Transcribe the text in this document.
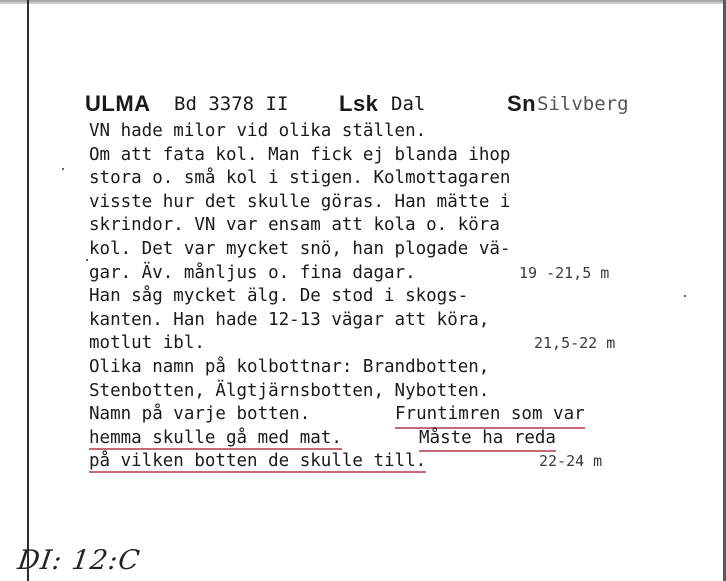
ULMA Bd 3378 II Lsk Dal	Sn Silvberg
VN hade milor vid olika ställen.
Om att fata kol. Man fick ej blanda ihop
stora o. små kol i stigen. Kolmottagaren
visste hur det skulle göras. Han mätte i
skrindor. VN var ensam att kola o. köra
kol. Det var mycket snö, han plogade vä-
gar. Äv. månljus o. fina dagar.	19 -21,5 m
Han såg mycket älg. De stod i skogs-
kanten. Han hade 12-13 vägar att köra,
motlut ibl.	21,5-22 m
Olika namn på kolbottnar: Brandbotten,
Stenbotten, Älgtjärnsbotten, Nybotten.
Namn på varje botten.	Fruntimren som var
hemma skulle gå med mat.	Måste ha reda
på vilken botten de skulle till.	22-24 m
DI: 12:C
